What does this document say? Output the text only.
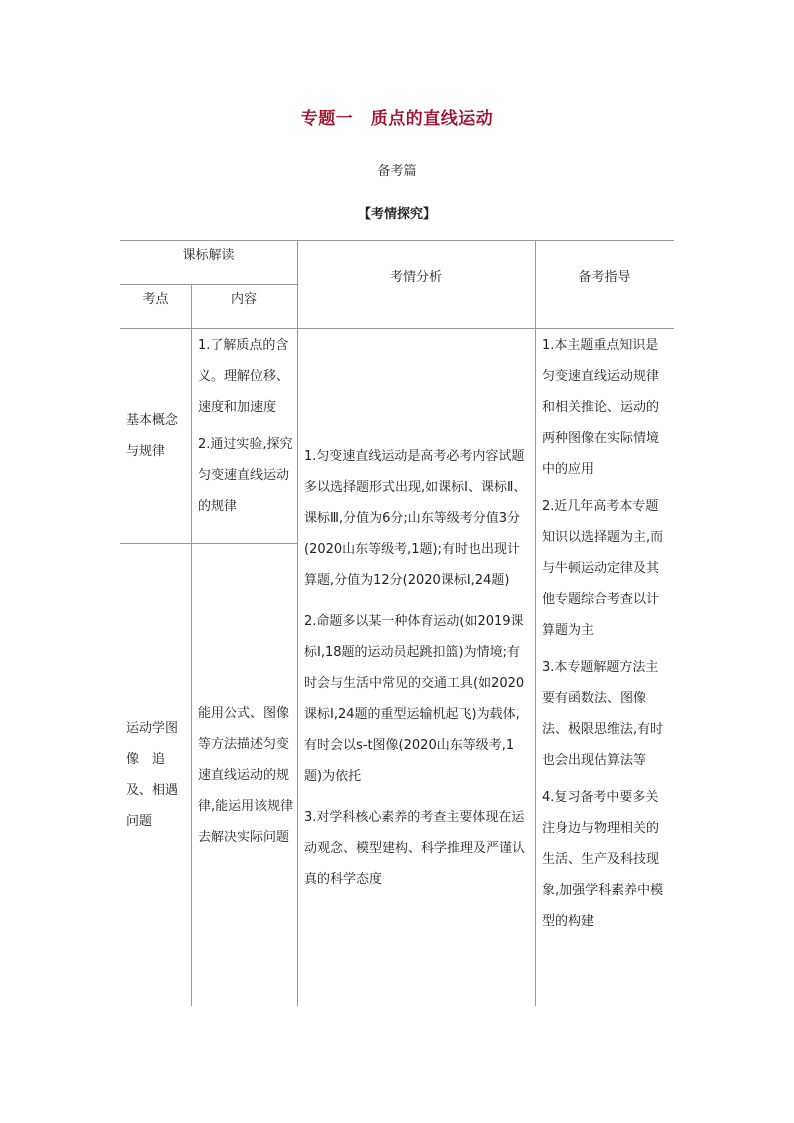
专题一　质点的直线运动
备考篇
【考情探究】
课标解读
考点	内容
考情分析	备考指导
基本概念与规律
1.了解质点的含义。理解位移、速度和加速度
2.通过实验,探究匀变速直线运动的规律
运动学图像　追及、相遇问题
能用公式、图像等方法描述匀变速直线运动的规律,能运用该规律去解决实际问题
1.匀变速直线运动是高考必考内容试题多以选择题形式出现,如课标Ⅰ、课标Ⅱ、课标Ⅲ,分值为6分;山东等级考分值3分(2020山东等级考,1题);有时也出现计算题,分值为12分(2020课标Ⅰ,24题)
2.命题多以某一种体育运动(如2019课标Ⅰ,18题的运动员起跳扣篮)为情境;有时会与生活中常见的交通工具(如2020课标Ⅰ,24题的重型运输机起飞)为载体,有时会以s-t图像(2020山东等级考,1题)为依托
3.对学科核心素养的考查主要体现在运动观念、模型建构、科学推理及严谨认真的科学态度
1.本主题重点知识是匀变速直线运动规律和相关推论、运动的两种图像在实际情境中的应用
2.近几年高考本专题知识以选择题为主,而与牛顿运动定律及其他专题综合考查以计算题为主
3.本专题解题方法主要有函数法、图像法、极限思维法,有时也会出现估算法等
4.复习备考中要多关注身边与物理相关的生活、生产及科技现象,加强学科素养中模型的构建
